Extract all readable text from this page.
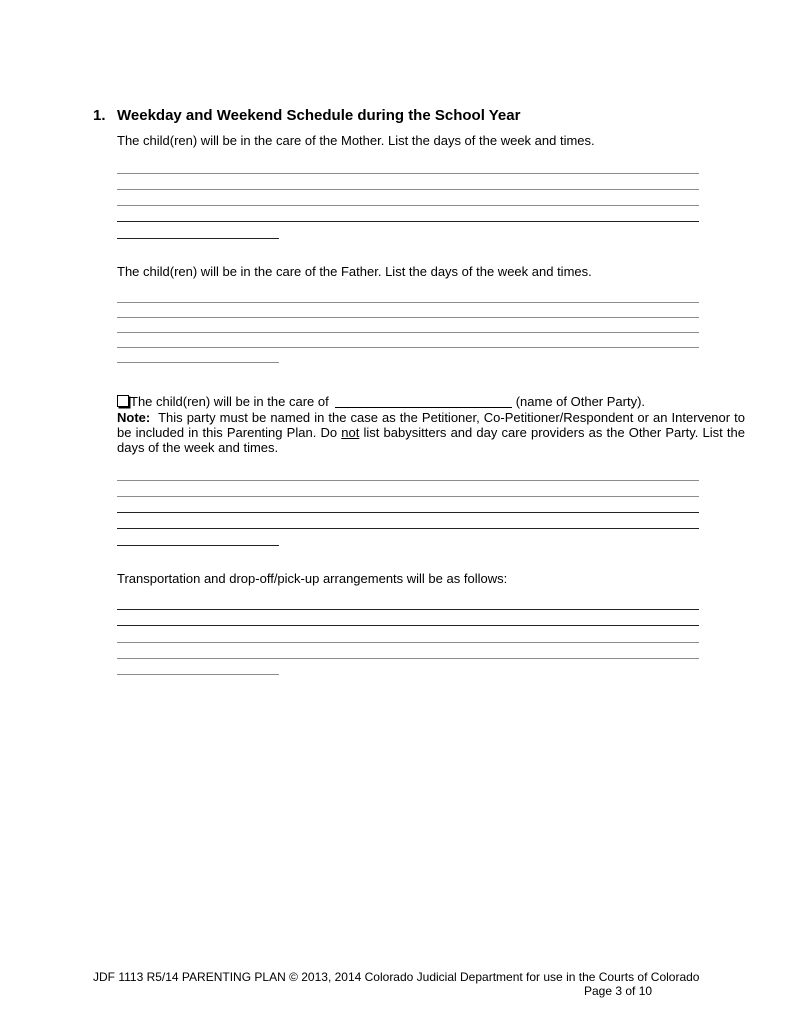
1. Weekday and Weekend Schedule during the School Year
The child(ren) will be in the care of the Mother. List the days of the week and times.
The child(ren) will be in the care of the Father. List the days of the week and times.
The child(ren) will be in the care of	(name of Other Party).
Note: This party must be named in the case as the Petitioner, Co-Petitioner/Respondent or an Intervenor to be included in this Parenting Plan. Do not list babysitters and day care providers as the Other Party. List the days of the week and times.
Transportation and drop-off/pick-up arrangements will be as follows:
JDF 1113 R5/14 PARENTING PLAN © 2013, 2014 Colorado Judicial Department for use in the Courts of Colorado
Page 3 of 10
